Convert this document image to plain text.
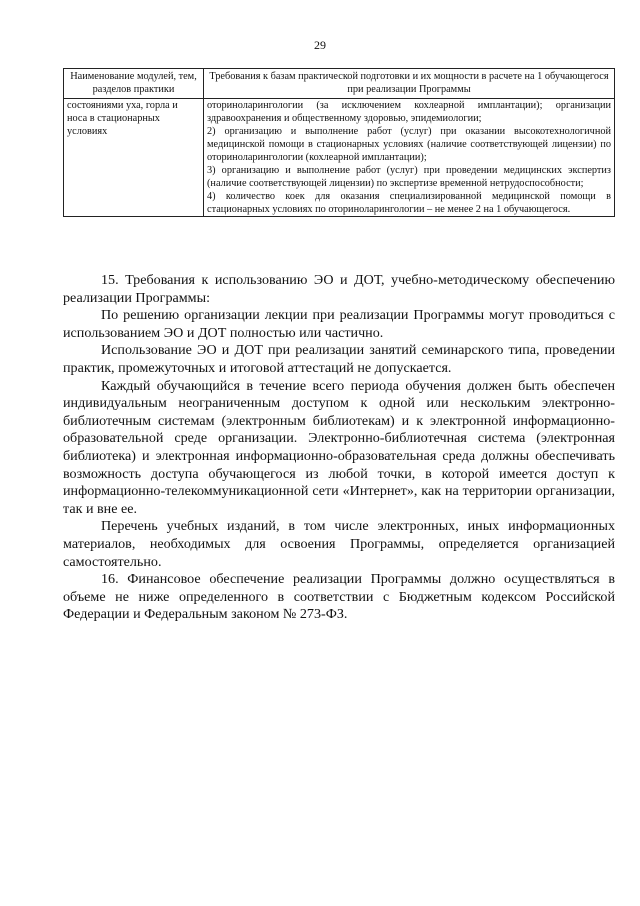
29
Наименование модулей, тем, разделов практики	Требования к базам практической подготовки и их мощности в расчете на 1 обучающегося при реализации Программы
состояниями уха, горла и носа в стационарных условиях	оториноларингологии (за исключением кохлеарной имплантации); организации здравоохранения и общественному здоровью, эпидемиологии;
2) организацию и выполнение работ (услуг) при оказании высокотехнологичной медицинской помощи в стационарных условиях (наличие соответствующей лицензии) по оториноларингологии (кохлеарной имплантации);
3) организацию и выполнение работ (услуг) при проведении медицинских экспертиз (наличие соответствующей лицензии) по экспертизе временной нетрудоспособности;
4) количество коек для оказания специализированной медицинской помощи в стационарных условиях по оториноларингологии – не менее 2 на 1 обучающегося.

15. Требования к использованию ЭО и ДОТ, учебно-методическому обеспечению реализации Программы:

По решению организации лекции при реализации Программы могут проводиться с использованием ЭО и ДОТ полностью или частично.

Использование ЭО и ДОТ при реализации занятий семинарского типа, проведении практик, промежуточных и итоговой аттестаций не допускается.

Каждый обучающийся в течение всего периода обучения должен быть обеспечен индивидуальным неограниченным доступом к одной или нескольким электронно-библиотечным системам (электронным библиотекам) и к электронной информационно-образовательной среде организации. Электронно-библиотечная система (электронная библиотека) и электронная информационно-образовательная среда должны обеспечивать возможность доступа обучающегося из любой точки, в которой имеется доступ к информационно-телекоммуникационной сети «Интернет», как на территории организации, так и вне ее.

Перечень учебных изданий, в том числе электронных, иных информационных материалов, необходимых для освоения Программы, определяется организацией самостоятельно.

16. Финансовое обеспечение реализации Программы должно осуществляться в объеме не ниже определенного в соответствии с Бюджетным кодексом Российской Федерации и Федеральным законом № 273-ФЗ.
